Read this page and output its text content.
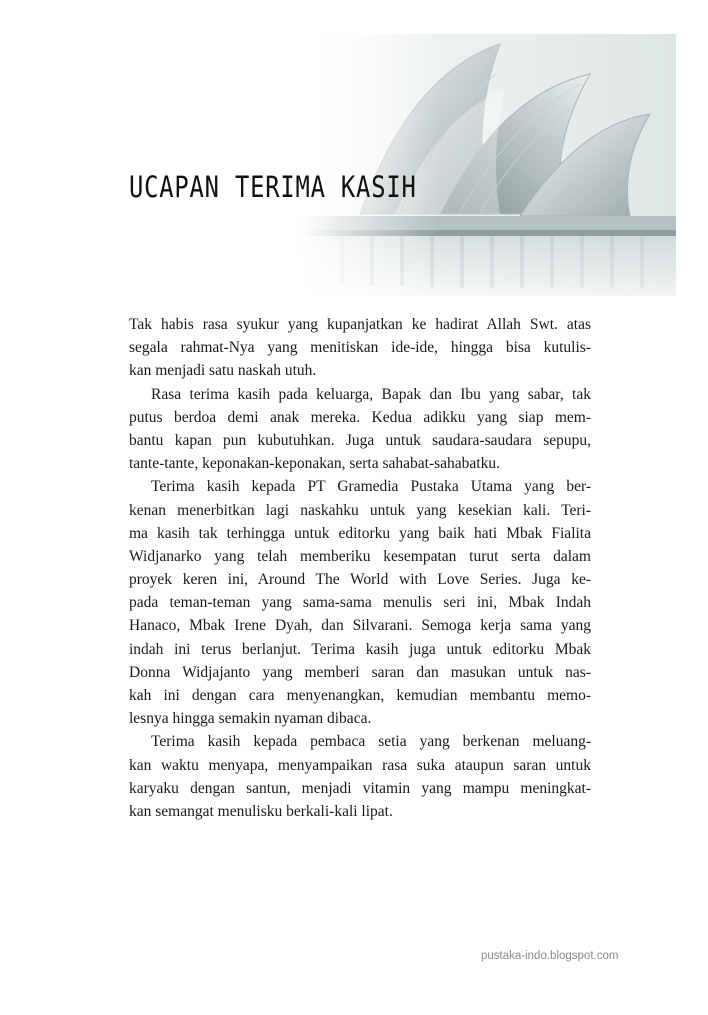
UCAPAN TERIMA KASIH
Tak habis rasa syukur yang kupanjatkan ke hadirat Allah Swt. atas
segala rahmat-Nya yang menitiskan ide-ide, hingga bisa kutulis-
kan menjadi satu naskah utuh.
Rasa terima kasih pada keluarga, Bapak dan Ibu yang sabar, tak
putus berdoa demi anak mereka. Kedua adikku yang siap mem-
bantu kapan pun kubutuhkan. Juga untuk saudara-saudara sepupu,
tante-tante, keponakan-keponakan, serta sahabat-sahabatku.
Terima kasih kepada PT Gramedia Pustaka Utama yang ber-
kenan menerbitkan lagi naskahku untuk yang kesekian kali. Teri-
ma kasih tak terhingga untuk editorku yang baik hati Mbak Fialita
Widjanarko yang telah memberiku kesempatan turut serta dalam
proyek keren ini, Around The World with Love Series. Juga ke-
pada teman-teman yang sama-sama menulis seri ini, Mbak Indah
Hanaco, Mbak Irene Dyah, dan Silvarani. Semoga kerja sama yang
indah ini terus berlanjut. Terima kasih juga untuk editorku Mbak
Donna Widjajanto yang memberi saran dan masukan untuk nas-
kah ini dengan cara menyenangkan, kemudian membantu memo-
lesnya hingga semakin nyaman dibaca.
Terima kasih kepada pembaca setia yang berkenan meluang-
kan waktu menyapa, menyampaikan rasa suka ataupun saran untuk
karyaku dengan santun, menjadi vitamin yang mampu meningkat-
kan semangat menulisku berkali-kali lipat.
pustaka-indo.blogspot.com
